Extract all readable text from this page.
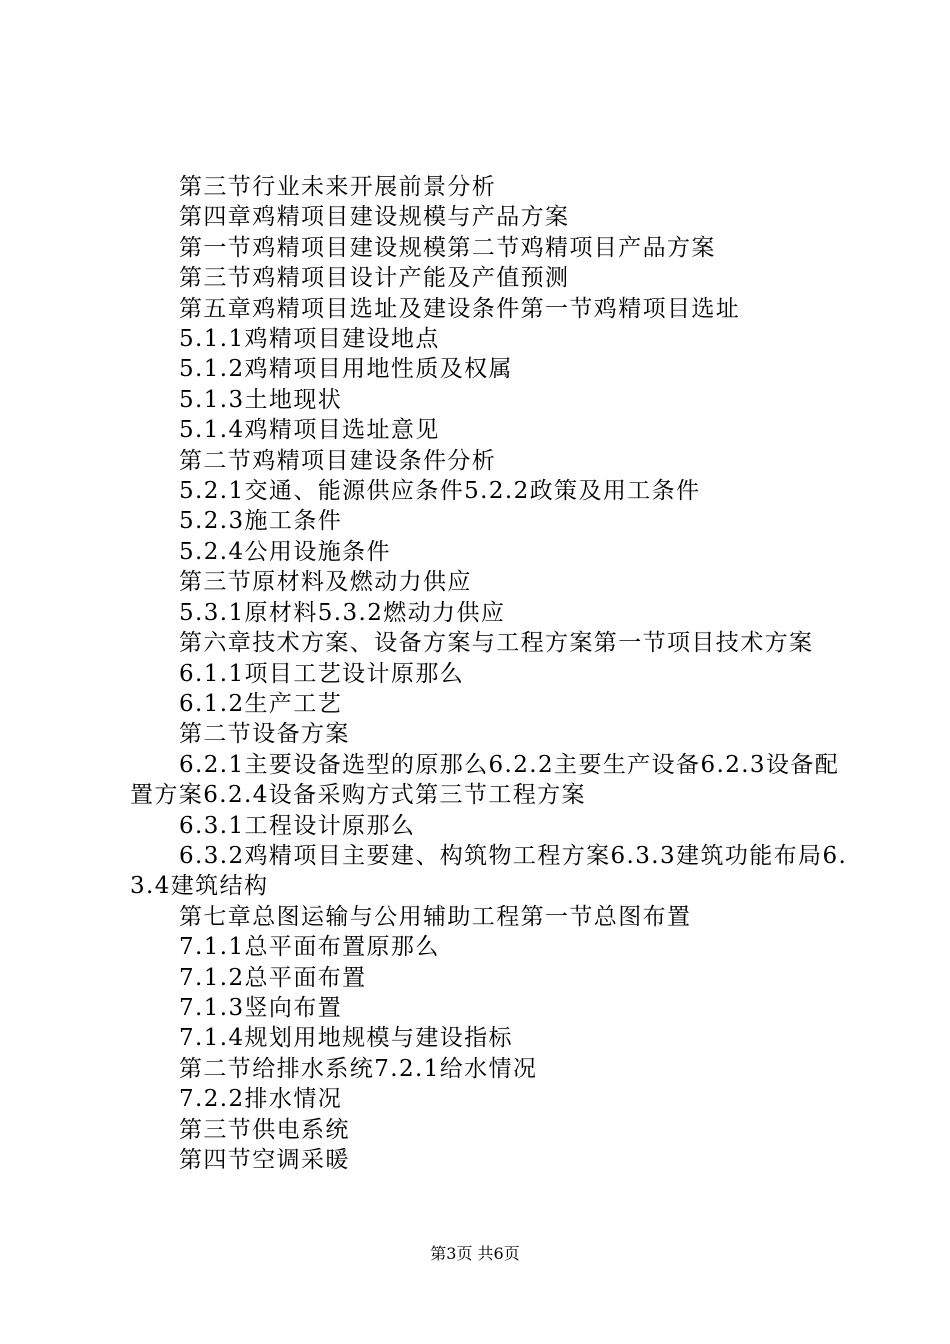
第三节行业未来开展前景分析

第四章鸡精项目建设规模与产品方案

第一节鸡精项目建设规模第二节鸡精项目产品方案

第三节鸡精项目设计产能及产值预测

第五章鸡精项目选址及建设条件第一节鸡精项目选址

5.1.1鸡精项目建设地点

5.1.2鸡精项目用地性质及权属

5.1.3土地现状

5.1.4鸡精项目选址意见

第二节鸡精项目建设条件分析

5.2.1交通、能源供应条件5.2.2政策及用工条件

5.2.3施工条件

5.2.4公用设施条件

第三节原材料及燃动力供应

5.3.1原材料5.3.2燃动力供应

第六章技术方案、设备方案与工程方案第一节项目技术方案

6.1.1项目工艺设计原那么

6.1.2生产工艺

第二节设备方案

6.2.1主要设备选型的原那么6.2.2主要生产设备6.2.3设备配置方案6.2.4设备采购方式第三节工程方案

6.3.1工程设计原那么

6.3.2鸡精项目主要建、构筑物工程方案6.3.3建筑功能布局6.3.4建筑结构

第七章总图运输与公用辅助工程第一节总图布置

7.1.1总平面布置原那么

7.1.2总平面布置

7.1.3竖向布置

7.1.4规划用地规模与建设指标

第二节给排水系统7.2.1给水情况

7.2.2排水情况

第三节供电系统

第四节空调采暖

第3页 共6页
